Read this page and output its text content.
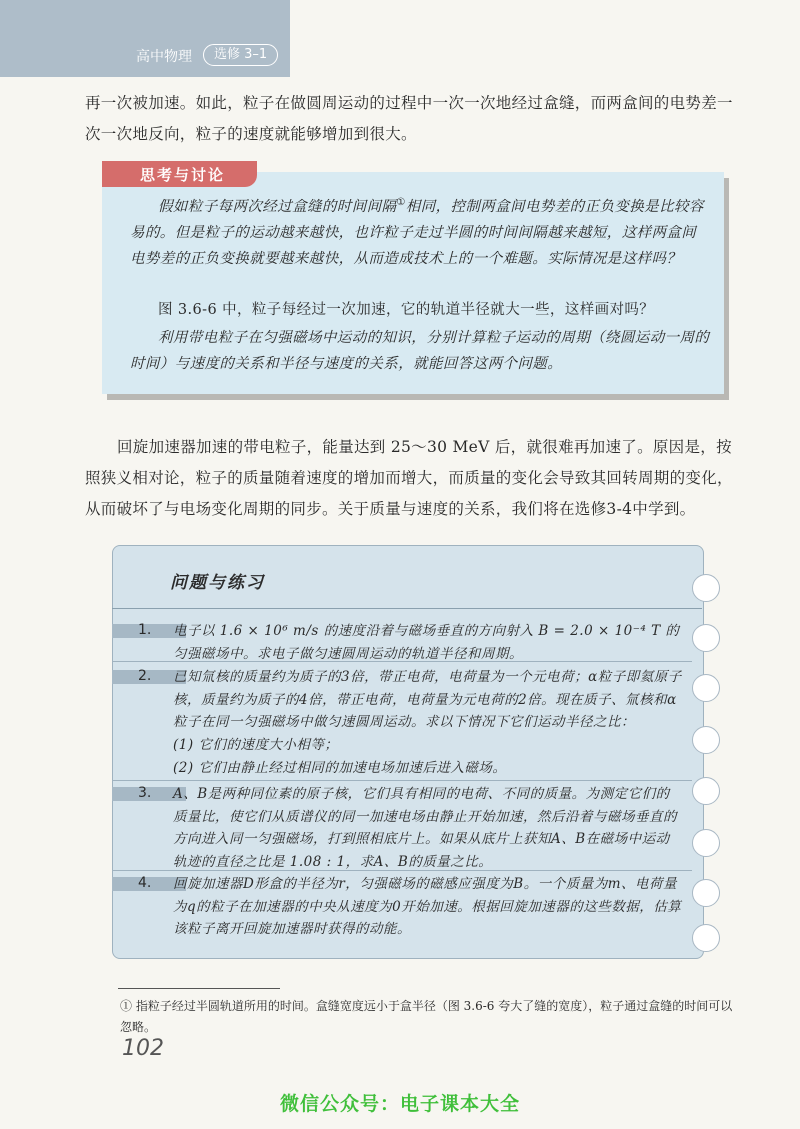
高中物理	选修 3–1

再一次被加速。如此，粒子在做圆周运动的过程中一次一次地经过盒缝，而两盒间的电势差一次一次地反向，粒子的速度就能够增加到很大。

思考与讨论

假如粒子每两次经过盒缝的时间间隔①相同，控制两盒间电势差的正负变换是比较容易的。但是粒子的运动越来越快，也许粒子走过半圆的时间间隔越来越短，这样两盒间电势差的正负变换就要越来越快，从而造成技术上的一个难题。实际情况是这样吗？

图 3.6-6 中，粒子每经过一次加速，它的轨道半径就大一些，这样画对吗？

利用带电粒子在匀强磁场中运动的知识，分别计算粒子运动的周期（绕圆运动一周的时间）与速度的关系和半径与速度的关系，就能回答这两个问题。

回旋加速器加速的带电粒子，能量达到 25～30 MeV 后，就很难再加速了。原因是，按照狭义相对论，粒子的质量随着速度的增加而增大，而质量的变化会导致其回转周期的变化，从而破坏了与电场变化周期的同步。关于质量与速度的关系，我们将在选修3-4中学到。

问题与练习
1.
2.
3.
4.

电子以 1.6 × 10⁶ m/s 的速度沿着与磁场垂直的方向射入 B = 2.0 × 10⁻⁴ T 的匀强磁场中。求电子做匀速圆周运动的轨道半径和周期。

已知氚核的质量约为质子的3倍，带正电荷，电荷量为一个元电荷；α粒子即氦原子核，质量约为质子的4倍，带正电荷，电荷量为元电荷的2倍。现在质子、氚核和α粒子在同一匀强磁场中做匀速圆周运动。求以下情况下它们运动半径之比：

(1) 它们的速度大小相等；

(2) 它们由静止经过相同的加速电场加速后进入磁场。

A、B是两种同位素的原子核，它们具有相同的电荷、不同的质量。为测定它们的质量比，使它们从质谱仪的同一加速电场由静止开始加速，然后沿着与磁场垂直的方向进入同一匀强磁场，打到照相底片上。如果从底片上获知A、B在磁场中运动轨迹的直径之比是 1.08 : 1，求A、B的质量之比。

回旋加速器D形盒的半径为r，匀强磁场的磁感应强度为B。一个质量为m、电荷量为q的粒子在加速器的中央从速度为0开始加速。根据回旋加速器的这些数据，估算该粒子离开回旋加速器时获得的动能。

① 指粒子经过半圆轨道所用的时间。盒缝宽度远小于盒半径（图 3.6-6 夸大了缝的宽度），粒子通过盒缝的时间可以忽略。

102
微信公众号：电子课本大全
